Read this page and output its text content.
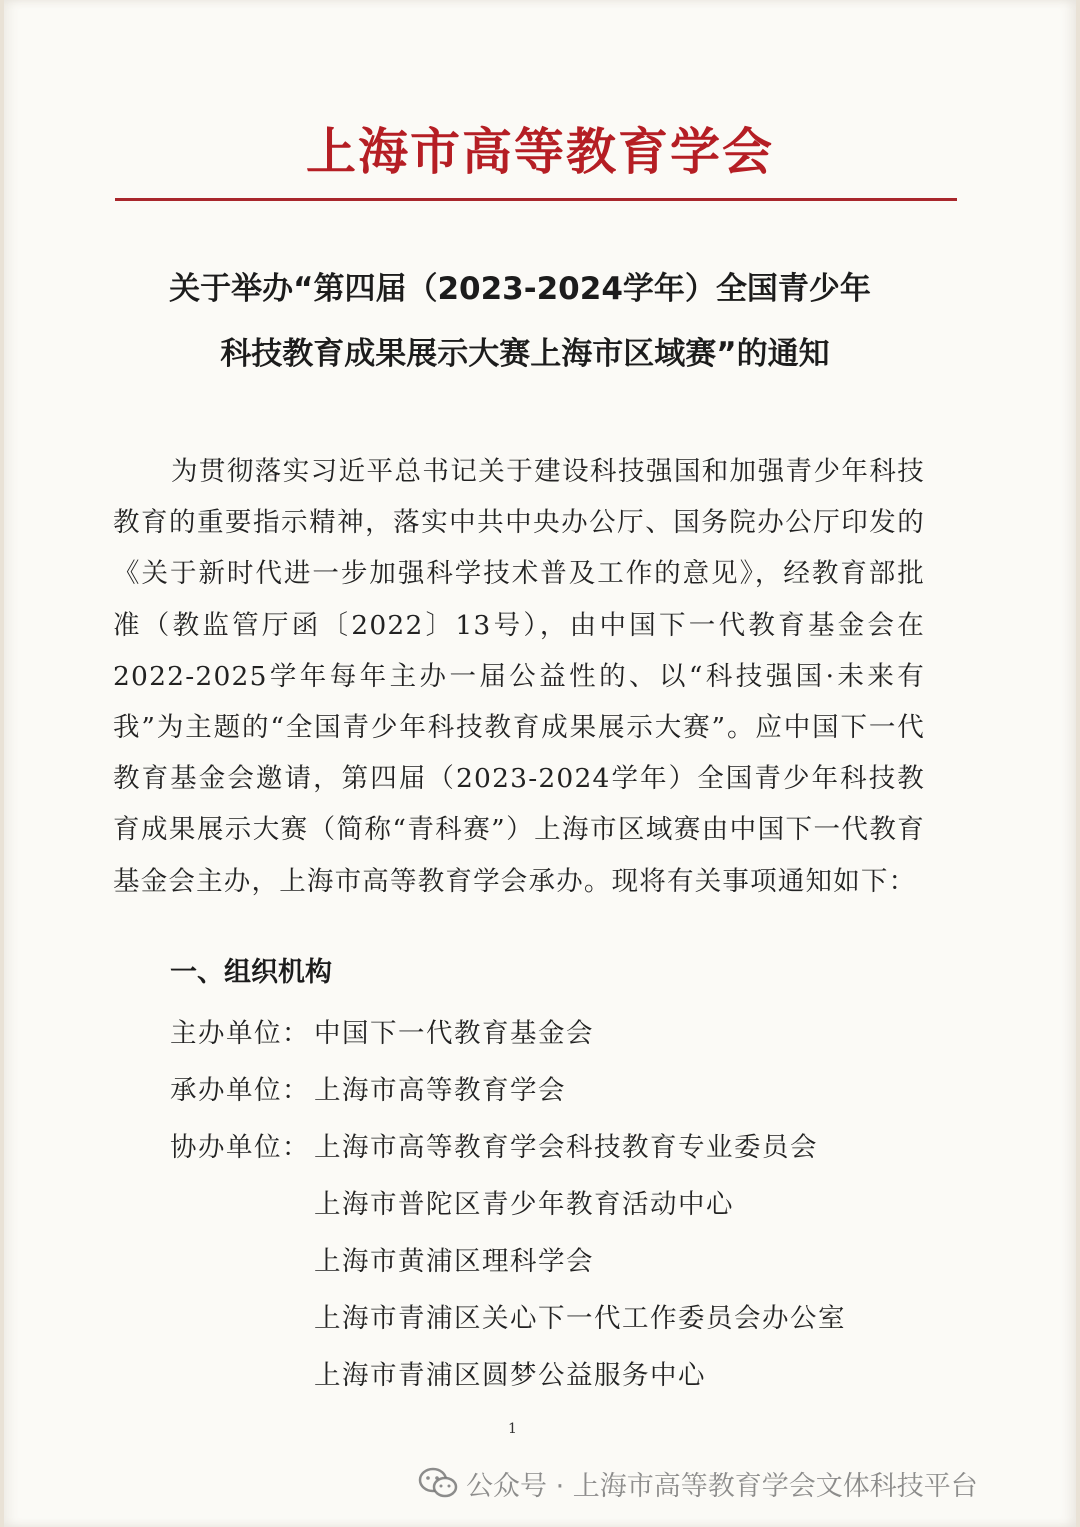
上海市高等教育学会
关于举办“第四届（2023-2024学年）全国青少年
科技教育成果展示大赛上海市区域赛”的通知
为贯彻落实习近平总书记关于建设科技强国和加强青少年科技教育的重要指示精神，落实中共中央办公厅、国务院办公厅印发的《关于新时代进一步加强科学技术普及工作的意见》，经教育部批准（教监管厅函〔2022〕13号），由中国下一代教育基金会在2022-2025学年每年主办一届公益性的、以“科技强国·未来有我”为主题的“全国青少年科技教育成果展示大赛”。应中国下一代教育基金会邀请，第四届（2023-2024学年）全国青少年科技教育成果展示大赛（简称“青科赛”）上海市区域赛由中国下一代教育基金会主办，上海市高等教育学会承办。现将有关事项通知如下：
一、组织机构
主办单位： 中国下一代教育基金会
承办单位： 上海市高等教育学会
协办单位： 上海市高等教育学会科技教育专业委员会
上海市普陀区青少年教育活动中心
上海市黄浦区理科学会
上海市青浦区关心下一代工作委员会办公室
上海市青浦区圆梦公益服务中心
1
公众号 · 上海市高等教育学会文体科技平台
